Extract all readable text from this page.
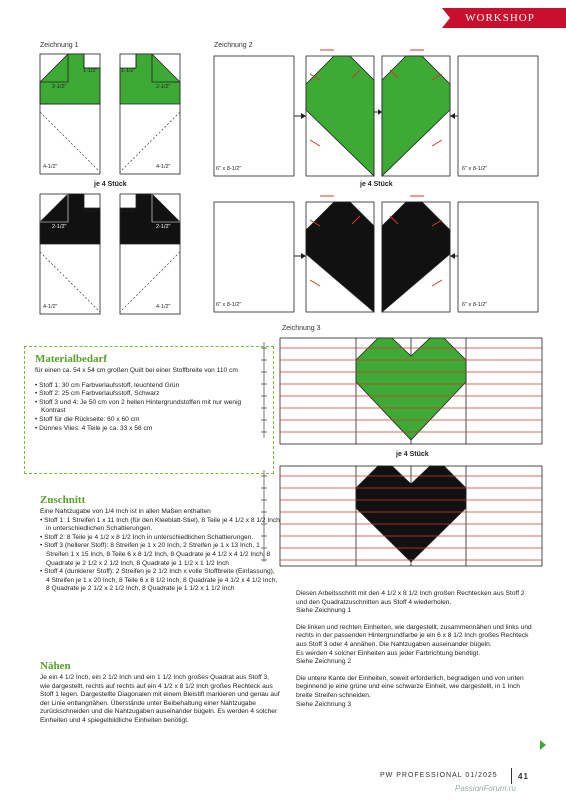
WORKSHOP
Zeichnung 1
2-1/2"
1-1/2"
4-1/2"
1-1/2"
2-1/2"
4-1/2"
je 4 Stück
2-1/2"
1-1/2"
4-1/2"
1-1/2"
2-1/2"
4-1/2"
Zeichnung 2
6" x 8-1/2"	6" x 8-1/2"
je 4 Stück
6" x 8-1/2"	6" x 8-1/2"
Zeichnung 3
je 4 Stück
Materialbedarf
für einen ca. 54 x 54 cm großen Quilt bei einer Stoffbreite von 110 cm
• Stoff 1: 30 cm Farbverlaufsstoff, leuchtend Grün
• Stoff 2: 25 cm Farbverlaufsstoff, Schwarz
• Stoff 3 und 4: Je 50 cm von 2 hellen Hintergrundstoffen mit nur wenig Kontrast
• Stoff für die Rückseite: 60 x 60 cm
• Dünnes Vlies: 4 Teile je ca. 33 x 56 cm
Zuschnitt
Eine Nahtzugabe von 1/4 Inch ist in allen Maßen enthalten
• Stoff 1: 1 Streifen 1 x 11 Inch (für den Kleeblatt-Stiel), 8 Teile je 4 1/2 x 8 1/2 Inch in unterschiedlichen Schattierungen.
• Stoff 2: 8 Teile je 4 1/2 x 8 1/2 Inch in unterschiedlichen Schattierungen.
• Stoff 3 (hellerer Stoff): 8 Streifen je 1 x 20 Inch, 2 Streifen je 1 x 13 Inch, 1 Streifen 1 x 15 Inch, 8 Teile 6 x 8 1/2 Inch, 8 Quadrate je 4 1/2 x 4 1/2 Inch, 8 Quadrate je 2 1/2 x 2 1/2 Inch, 8 Quadrate je 1 1/2 x 1 1/2 Inch
• Stoff 4 (dunklerer Stoff): 2 Streifen je 2 1/2 Inch x volle Stoffbreite (Einfassung), 4 Streifen je 1 x 20 Inch, 8 Teile 6 x 8 1/2 Inch, 8 Quadrate je 4 1/2 x 4 1/2 Inch, 8 Quadrate je 2 1/2 x 2 1/2 Inch, 8 Quadrate je 1 1/2 x 1 1/2 Inch
Nähen
Je ein 4 1/2 Inch, ein 2 1/2 Inch und ein 1 1/2 Inch großes Quadrat aus Stoff 3, wie dargestellt, rechts auf rechts auf ein 4 1/2 x 8 1/2 Inch großes Rechteck aus Stoff 1 legen. Dargestellte Diagonalen mit einem Bleistift markieren und genau auf der Linie entlangnähen. Überstände unter Beibehaltung einer Nahtzugabe zurückschneiden und die Nahtzugaben auseinander bügeln. Es werden 4 solcher Einheiten und 4 spiegelbildliche Einheiten benötigt.
Diesen Arbeitsschritt mit den 4 1/2 x 8 1/2 Inch großen Rechtecken aus Stoff 2 und den Quadratzuschnitten aus Stoff 4 wiederholen.
Siehe Zeichnung 1
Die linken und rechten Einheiten, wie dargestellt, zusammennähen und links und rechts in der passenden Hintergrundfarbe je ein 6 x 8 1/2 Inch großes Rechteck aus Stoff 3 oder 4 annähen. Die Nahtzugaben auseinander bügeln.
Es werden 4 solcher Einheiten aus jeder Farbrichtung benötigt.
Siehe Zeichnung 2
Die untere Kante der Einheiten, soweit erforderlich, begradigen und von unten beginnend je eine grüne und eine schwarze Einheit, wie dargestellt, in 1 Inch breite Streifen schneiden.
Siehe Zeichnung 3
PW PROFESSIONAL 01/2025	41
PassionForum.ru
